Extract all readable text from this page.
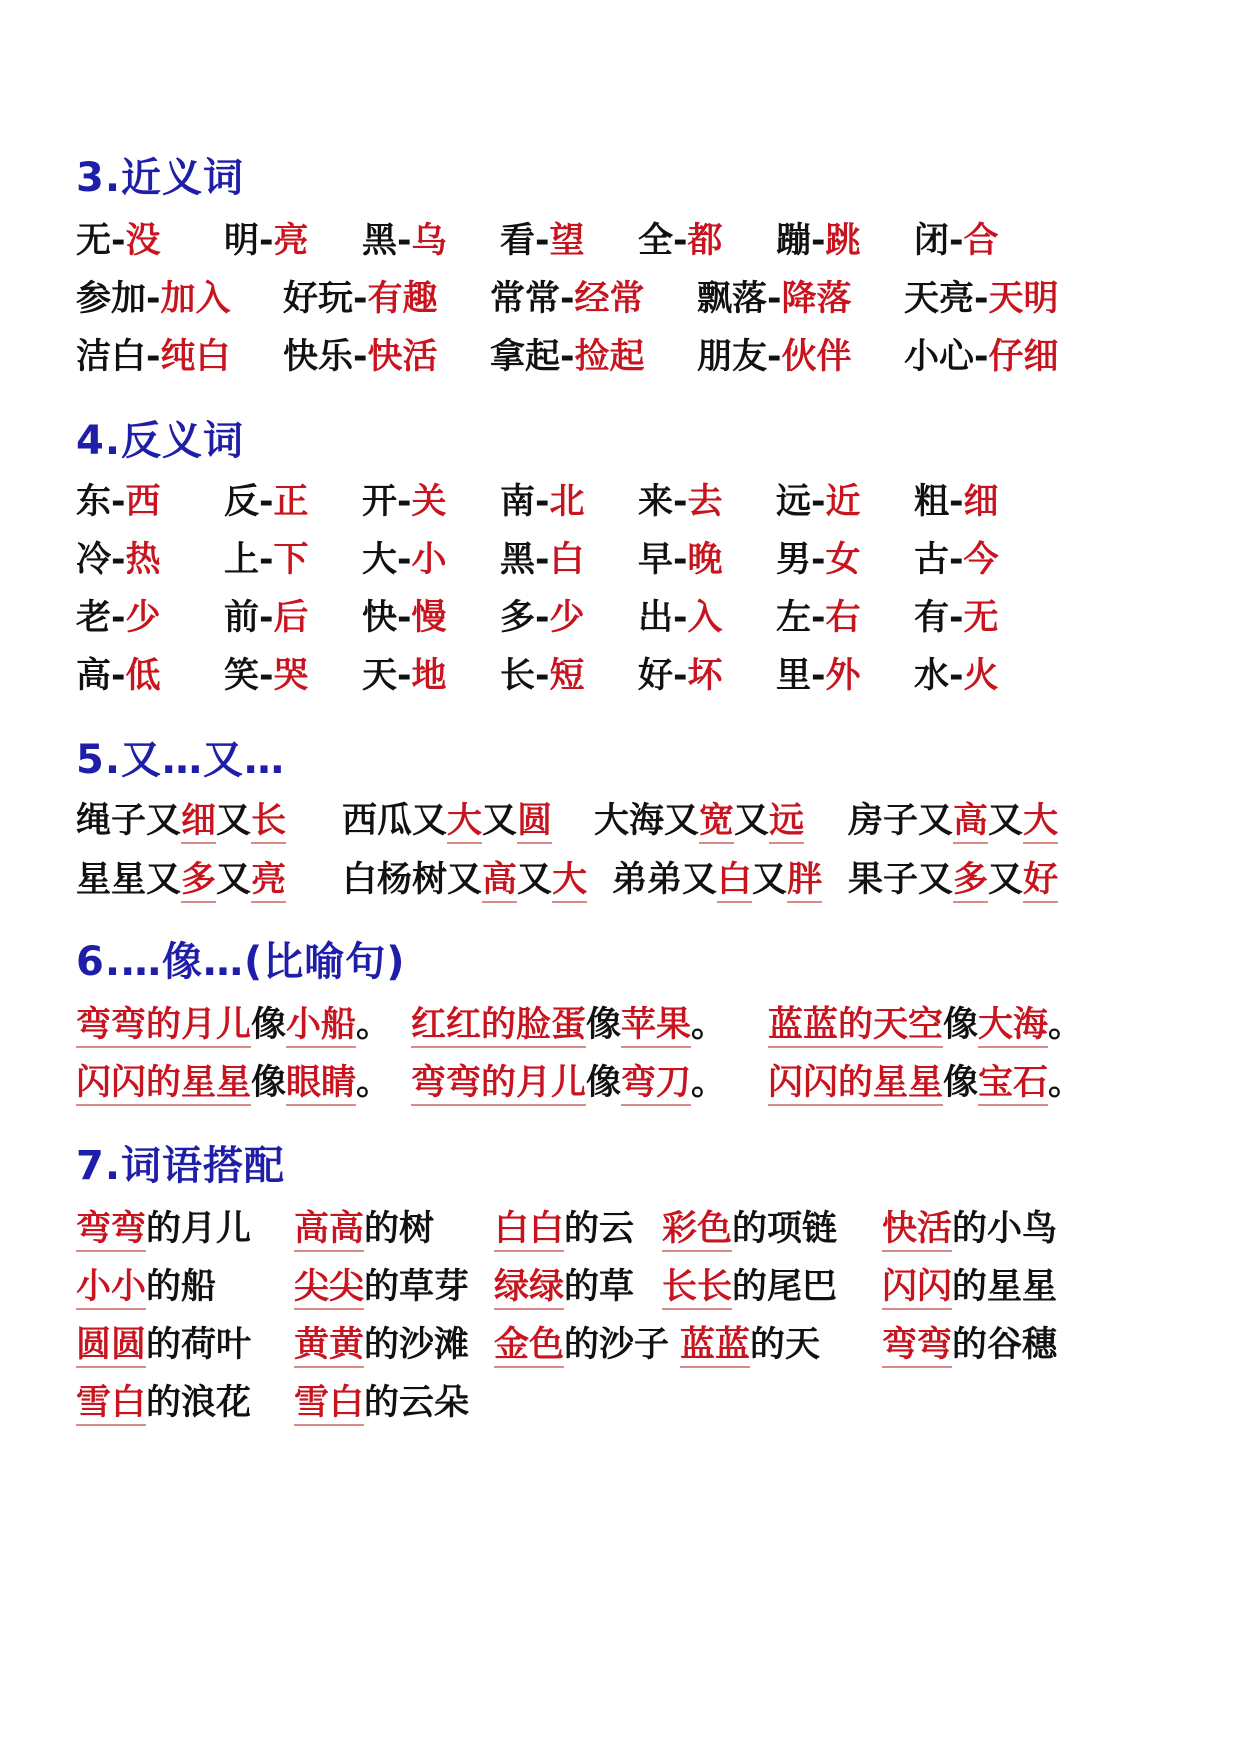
3.近义词
4.反义词
5.又…又…
6.…像…(比喻句)
7.词语搭配
无-没 明-亮 黑-乌 看-望 全-都 蹦-跳 闭-合
参加-加入 好玩-有趣 常常-经常 飘落-降落 天亮-天明
洁白-纯白 快乐-快活 拿起-捡起 朋友-伙伴 小心-仔细
东-西 反-正 开-关 南-北 来-去 远-近 粗-细
冷-热 上-下 大-小 黑-白 早-晚 男-女 古-今
老-少 前-后 快-慢 多-少 出-入 左-右 有-无
高-低 笑-哭 天-地 长-短 好-坏 里-外 水-火
绳子又细又长 西瓜又大又圆 大海又宽又远 房子又高又大
星星又多又亮 白杨树又高又大 弟弟又白又胖 果子又多又好
弯弯的月儿像小船。 红红的脸蛋像苹果。 蓝蓝的天空像大海。
闪闪的星星像眼睛。 弯弯的月儿像弯刀。 闪闪的星星像宝石。
弯弯的月儿 高高的树 白白的云 彩色的项链 快活的小鸟
小小的船 尖尖的草芽 绿绿的草 长长的尾巴 闪闪的星星
圆圆的荷叶 黄黄的沙滩 金色的沙子 蓝蓝的天 弯弯的谷穗
雪白的浪花 雪白的云朵
